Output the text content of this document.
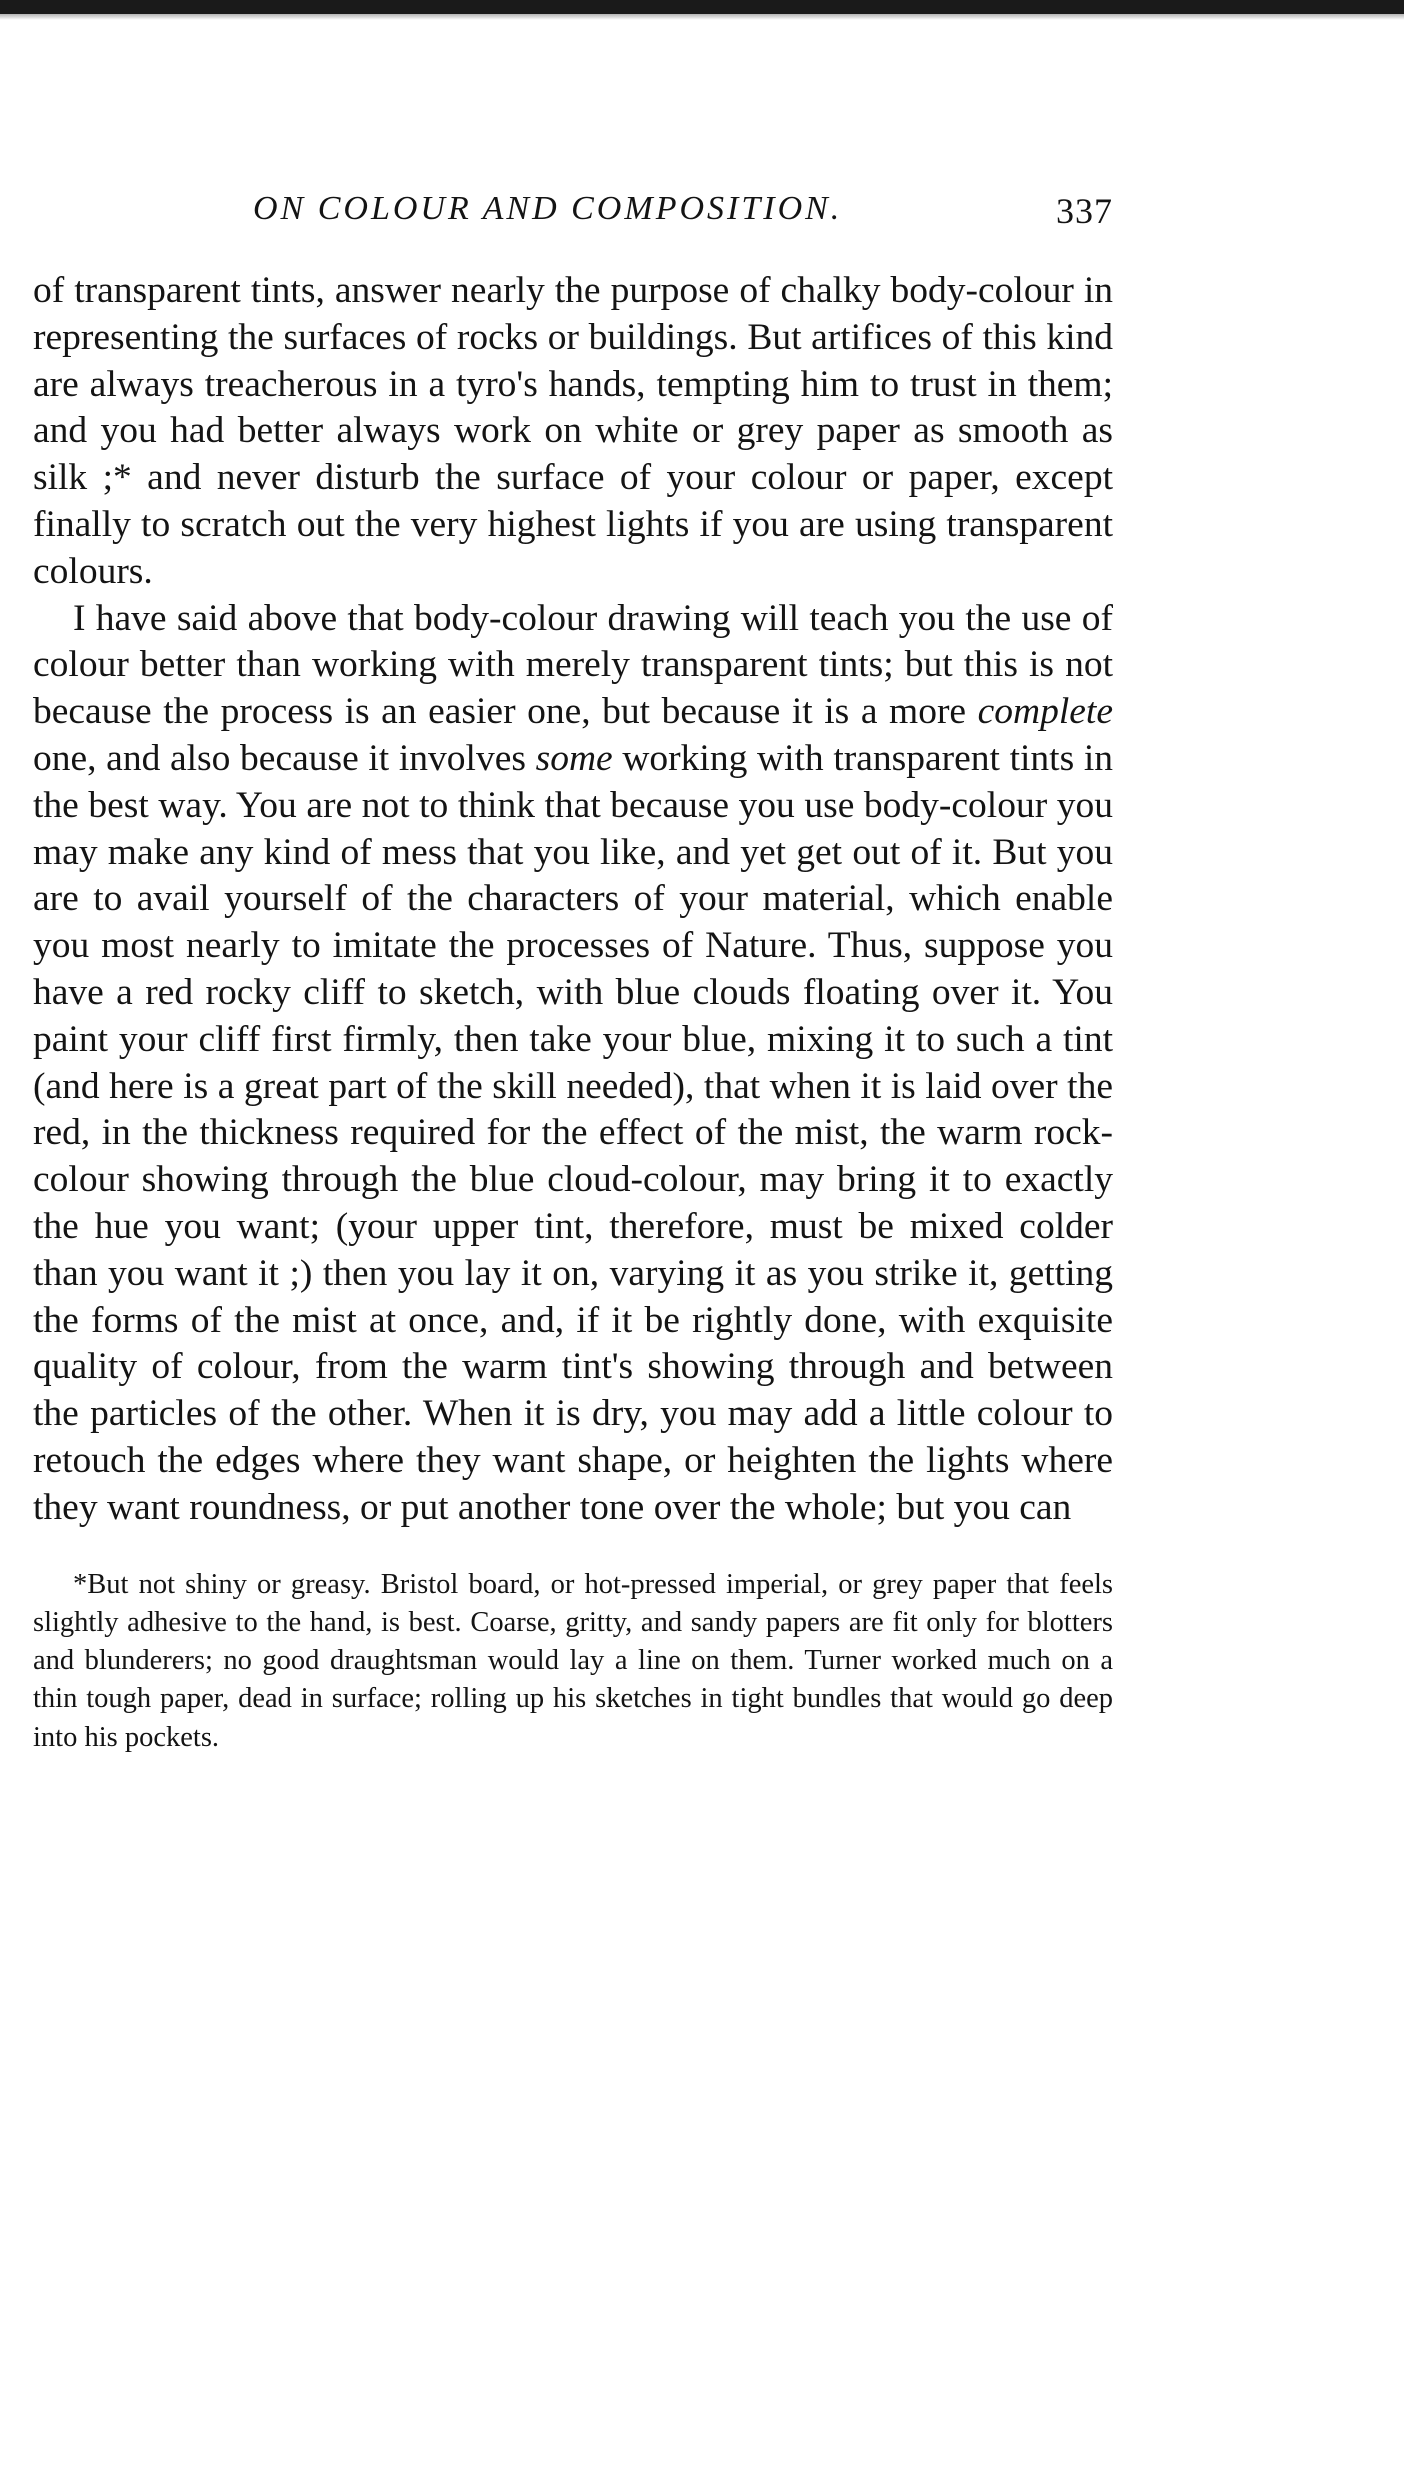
ON COLOUR AND COMPOSITION.	337

of transparent tints, answer nearly the purpose of chalky body-colour in representing the surfaces of rocks or buildings. But artifices of this kind are always treacherous in a tyro's hands, tempting him to trust in them; and you had better always work on white or grey paper as smooth as silk ;* and never disturb the surface of your colour or paper, except finally to scratch out the very highest lights if you are using transparent colours.

I have said above that body-colour drawing will teach you the use of colour better than working with merely transparent tints; but this is not because the process is an easier one, but because it is a more complete one, and also because it involves some working with transparent tints in the best way. You are not to think that because you use body-colour you may make any kind of mess that you like, and yet get out of it. But you are to avail yourself of the characters of your material, which enable you most nearly to imitate the processes of Nature. Thus, suppose you have a red rocky cliff to sketch, with blue clouds floating over it. You paint your cliff first firmly, then take your blue, mixing it to such a tint (and here is a great part of the skill needed), that when it is laid over the red, in the thickness required for the effect of the mist, the warm rock-colour showing through the blue cloud-colour, may bring it to exactly the hue you want; (your upper tint, therefore, must be mixed colder than you want it ;) then you lay it on, varying it as you strike it, getting the forms of the mist at once, and, if it be rightly done, with exquisite quality of colour, from the warm tint's showing through and between the particles of the other. When it is dry, you may add a little colour to retouch the edges where they want shape, or heighten the lights where they want roundness, or put another tone over the whole; but you can

*But not shiny or greasy. Bristol board, or hot-pressed imperial, or grey paper that feels slightly adhesive to the hand, is best. Coarse, gritty, and sandy papers are fit only for blotters and blunderers; no good draughtsman would lay a line on them. Turner worked much on a thin tough paper, dead in surface; rolling up his sketches in tight bundles that would go deep into his pockets.
